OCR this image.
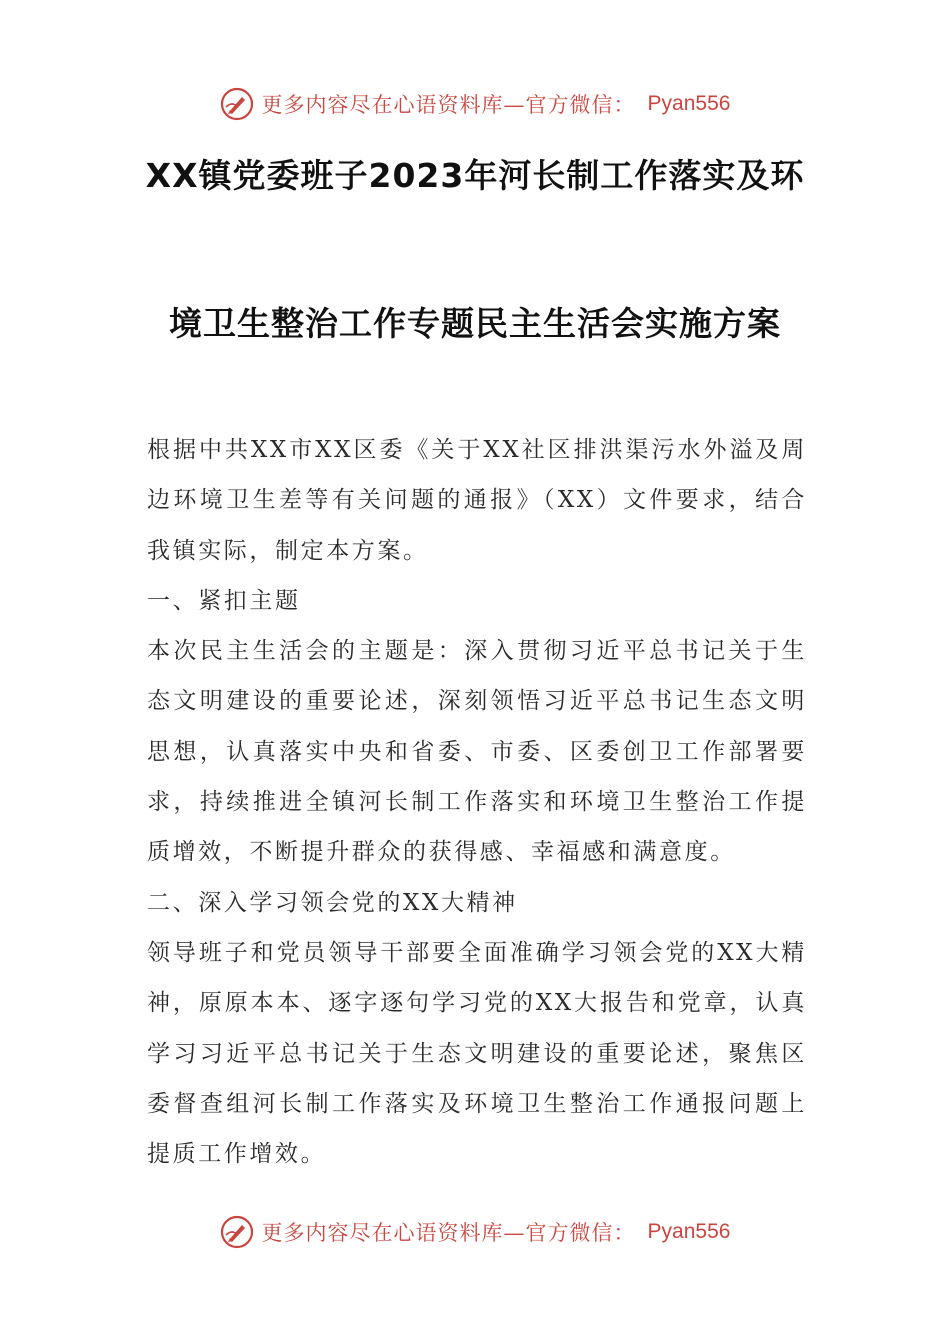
更多内容尽在心语资料库—官方微信： Pyan556
XX镇党委班子2023年河长制工作落实及环
境卫生整治工作专题民主生活会实施方案
根据中共XX市XX区委《关于XX社区排洪渠污水外溢及周边环境卫生差等有关问题的通报》（XX）文件要求，结合我镇实际，制定本方案。
一、紧扣主题
本次民主生活会的主题是：深入贯彻习近平总书记关于生态文明建设的重要论述，深刻领悟习近平总书记生态文明思想，认真落实中央和省委、市委、区委创卫工作部署要求，持续推进全镇河长制工作落实和环境卫生整治工作提质增效，不断提升群众的获得感、幸福感和满意度。
二、深入学习领会党的XX大精神
领导班子和党员领导干部要全面准确学习领会党的XX大精神，原原本本、逐字逐句学习党的XX大报告和党章，认真学习习近平总书记关于生态文明建设的重要论述，聚焦区委督查组河长制工作落实及环境卫生整治工作通报问题上提质工作增效。
更多内容尽在心语资料库—官方微信： Pyan556
